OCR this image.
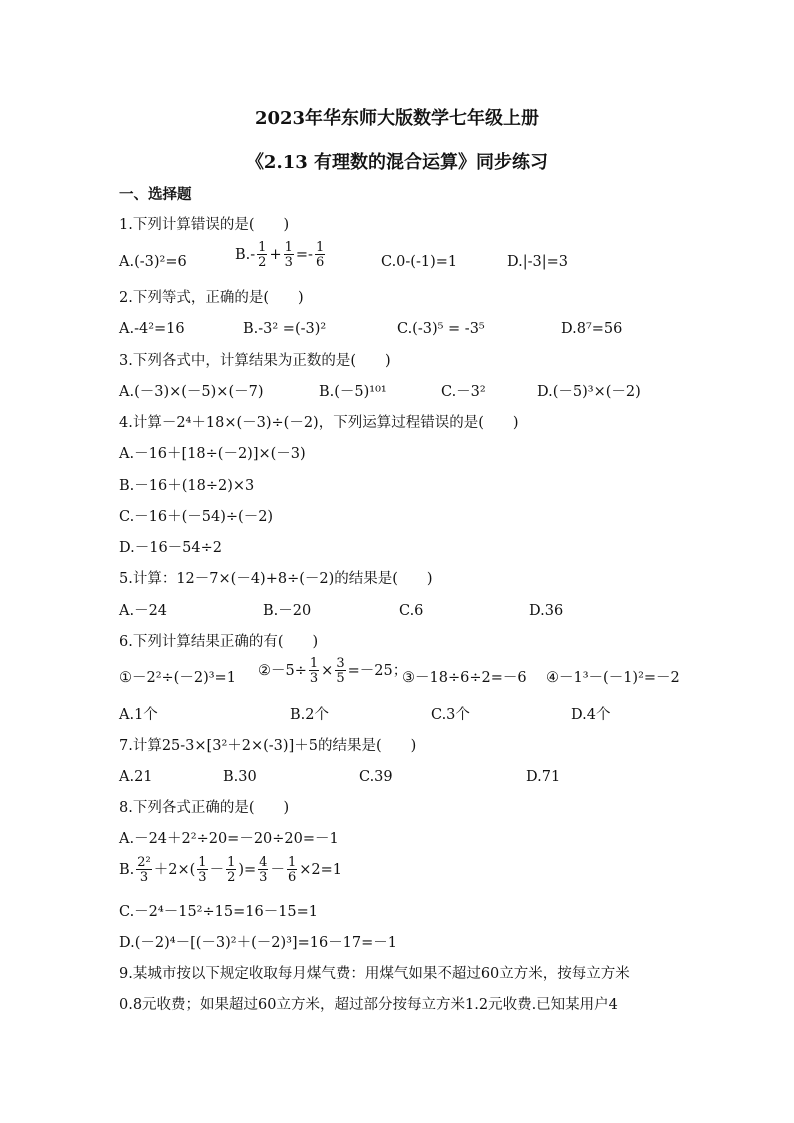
2023年华东师大版数学七年级上册
《2.13 有理数的混合运算》同步练习
一、选择题
1.下列计算错误的是(　　)
A.(-3)²=6	$B.- \frac{1}{2} + \frac{1}{3} =- \frac{1}{6}$	C.0-(-1)=1	D.|-3|=3
2.下列等式，正确的是(　　)
A.-4²=16	B.-3² =(-3)²	C.(-3)⁵ = -3⁵	D.8⁷=56
3.下列各式中，计算结果为正数的是(　　)
A.(－3)×(－5)×(－7)	B.(－5)¹⁰¹	C.－3²	D.(－5)³×(－2)
4.计算－2⁴＋18×(－3)÷(－2)，下列运算过程错误的是(　　)
A.－16＋[18÷(－2)]×(－3)
B.－16＋(18÷2)×3
C.－16＋(－54)÷(－2)
D.－16－54÷2
5.计算：12－7×(－4)+8÷(－2)的结果是(　　)
A.－24	B.－20	C.6	D.36
6.下列计算结果正确的有(　　)
①－2²÷(－2)³=1 ②－5÷ $\frac{1}{3} \times \frac{3}{5} =-25$；
③－18÷6÷2=－6 ④－1³－(－1)²=－2
A.1个	B.2个	C.3个	D.4个
7.计算25-3×[3²＋2×(-3)]＋5的结果是(　　)
A.21	B.30	C.39	D.71
8.下列各式正确的是(　　)
A.－24＋2²÷20=－20÷20=－1
B. $\frac{\text{2²}}{3} +2\times( \frac{1}{3} - \frac{1}{2}$ )= $\frac{4}{3} - \frac{1}{6} \times 2=1$
C.－2⁴－15²÷15=16－15=1
D.(－2)⁴－[(－3)²＋(－2)³]=16－17=－1
9.某城市按以下规定收取每月煤气费：用煤气如果不超过60立方米，按每立方米
0.8元收费；如果超过60立方米，超过部分按每立方米1.2元收费.已知某用户4
